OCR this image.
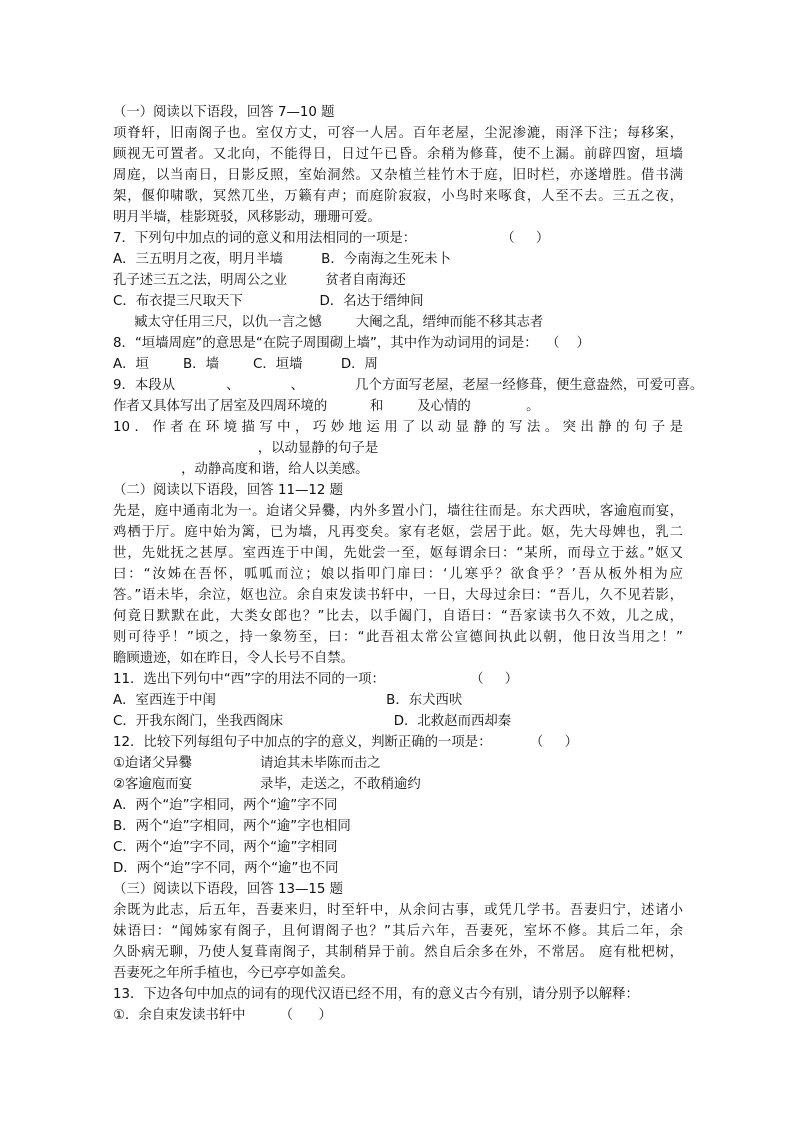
（一）阅读以下语段，回答 7—10 题
项脊轩，旧南阁子也。室仅方丈，可容一人居。百年老屋，尘泥渗漉，雨泽下注；每移案，
顾视无可置者。又北向，不能得日，日过午已昏。余稍为修葺，使不上漏。前辟四窗，垣墙
周庭，以当南日，日影反照，室始洞然。又杂植兰桂竹木于庭，旧时栏，亦遂增胜。借书满
架，偃仰啸歌，冥然兀坐，万籁有声；而庭阶寂寂，小鸟时来啄食，人至不去。三五之夜，
明月半墙，桂影斑驳，风移影动，珊珊可爱。
7．下列句中加点的词的意义和用法相同的一项是：                    （     ）
A．三五明月之夜，明月半墙         B．今南海之生死未卜
孔子述三五之法，明周公之业         贫者自南海还
C．布衣提三尺取天下                  D．名达于缙绅间
臧太守任用三尺，以仇一言之憾        大阉之乱，缙绅而能不移其志者
8．“垣墙周庭”的意思是“在院子周围砌上墙”，其中作为动词用的词是：  （    ）
A．垣        B．墙        C．垣墙         D．周
9．本段从            、            、            几个方面写老屋，老屋一经修葺，便生意盎然，可爱可喜。
作者又具体写出了居室及四周环境的          和        及心情的             。
10．作者在环境描写中，巧妙地运用了以动显静的写法。突出静的句子是
，以动显静的句子是
，动静高度和谐，给人以美感。
（二）阅读以下语段，回答 11—12 题
先是，庭中通南北为一。迨诸父异爨，内外多置小门，墙往往而是。东犬西吠，客逾庖而宴，
鸡栖于厅。庭中始为篱，已为墙，凡再变矣。家有老妪，尝居于此。妪，先大母婢也，乳二
世，先妣抚之甚厚。室西连于中闺，先妣尝一至，妪每谓余曰：“某所，而母立于兹。”妪又
曰：“汝姊在吾怀，呱呱而泣；娘以指叩门扉曰：‘儿寒乎？欲食乎？’吾从板外相为应
答。”语未毕，余泣，妪也泣。余自束发读书轩中，一日，大母过余曰：“吾儿，久不见若影，
何竟日默默在此，大类女郎也？”比去，以手阖门，自语曰：“吾家读书久不效，儿之成，
则可待乎！”顷之，持一象笏至，曰：“此吾祖太常公宣德间执此以朝，他日汝当用之！”
瞻顾遗迹，如在昨日，令人长号不自禁。
11．选出下列句中“西”字的用法不同的一项：                    （     ）
A．室西连于中闺                                        B．东犬西吠
C．开我东阁门，坐我西阁床                          D．北救赵而西却秦
12．比较下列每组句子中加点的字的意义，判断正确的一项是：         （     ）
①迨诸父异爨                请迨其未毕陈而击之
②客逾庖而宴                录毕，走送之，不敢稍逾约
A．两个“迨”字相同，两个“逾”字不同
B．两个“迨”字相同，两个“逾”字也相同
C．两个“迨”字不同，两个“逾”字相同
D．两个“迨”字不同，两个“逾”也不同
（三）阅读以下语段，回答 13—15 题
余既为此志，后五年，吾妻来归，时至轩中，从余问古事，或凭几学书。吾妻归宁，述诸小
妹语曰：“闻姊家有阁子，且何谓阁子也？”其后六年，吾妻死，室坏不修。其后二年，余
久卧病无聊，乃使人复葺南阁子，其制稍异于前。然自后余多在外，不常居。 庭有枇杷树，
吾妻死之年所手植也，今已亭亭如盖矣。
13．下边各句中加点的词有的现代汉语已经不用，有的意义古今有别，请分别予以解释：
①．余自束发读书轩中        （      ）
